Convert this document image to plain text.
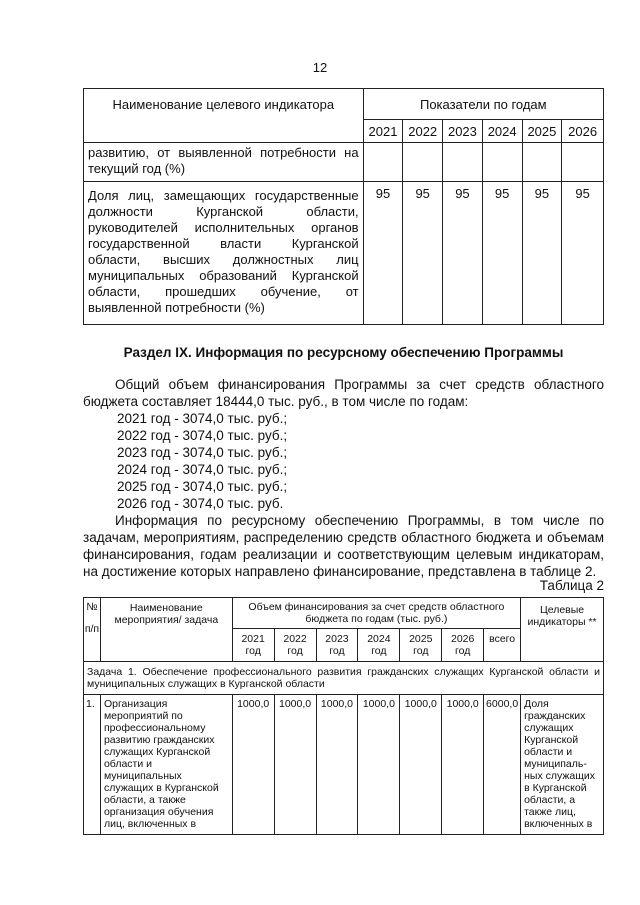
12
Наименование целевого индикатора	Показатели по годам					
	2021	2022	2023	2024	2025	2026
развитию, от выявленной потребности на текущий год (%)						
Доля лиц, замещающих государственные должности Курганской области, руководителей исполнительных органов государственной власти Курганской области, высших должностных лиц муниципальных образований Курганской области, прошедших обучение, от выявленной потребности (%)	95	95	95	95	95	95
Раздел IX. Информация по ресурсному обеспечению Программы

Общий объем финансирования Программы за счет средств областного бюджета составляет 18444,0 тыс. руб., в том числе по годам:

2021 год - 3074,0 тыс. руб.;

2022 год - 3074,0 тыс. руб.;

2023 год - 3074,0 тыс. руб.;

2024 год - 3074,0 тыс. руб.;

2025 год - 3074,0 тыс. руб.;

2026 год - 3074,0 тыс. руб.

Информация по ресурсному обеспечению Программы, в том числе по задачам, мероприятиям, распределению средств областного бюджета и объемам финансирования, годам реализации и соответствующим целевым индикаторам, на достижение которых направлено финансирование, представлена в таблице 2.

Таблица 2
№
п/п	Наименование мероприятия/ задача	Объем финансирования за счет средств областного бюджета по годам (тыс. руб.)							Целевые индикаторы **
		2021 год	2022 год	2023 год	2024 год	2025 год	2026 год	всего	
Задача 1. Обеспечение профессионального развития гражданских служащих Курганской области и муниципальных служащих в Курганской области									
1.	Организация мероприятий по профессиональному развитию гражданских служащих Курганской области и муниципальных служащих в Курганской области, а также организация обучения лиц, включенных в	1000,0	1000,0	1000,0	1000,0	1000,0	1000,0	6000,0	Доля гражданских служащих Курганской области и муниципаль-ных служащих в Курганской области, а также лиц, включенных в
